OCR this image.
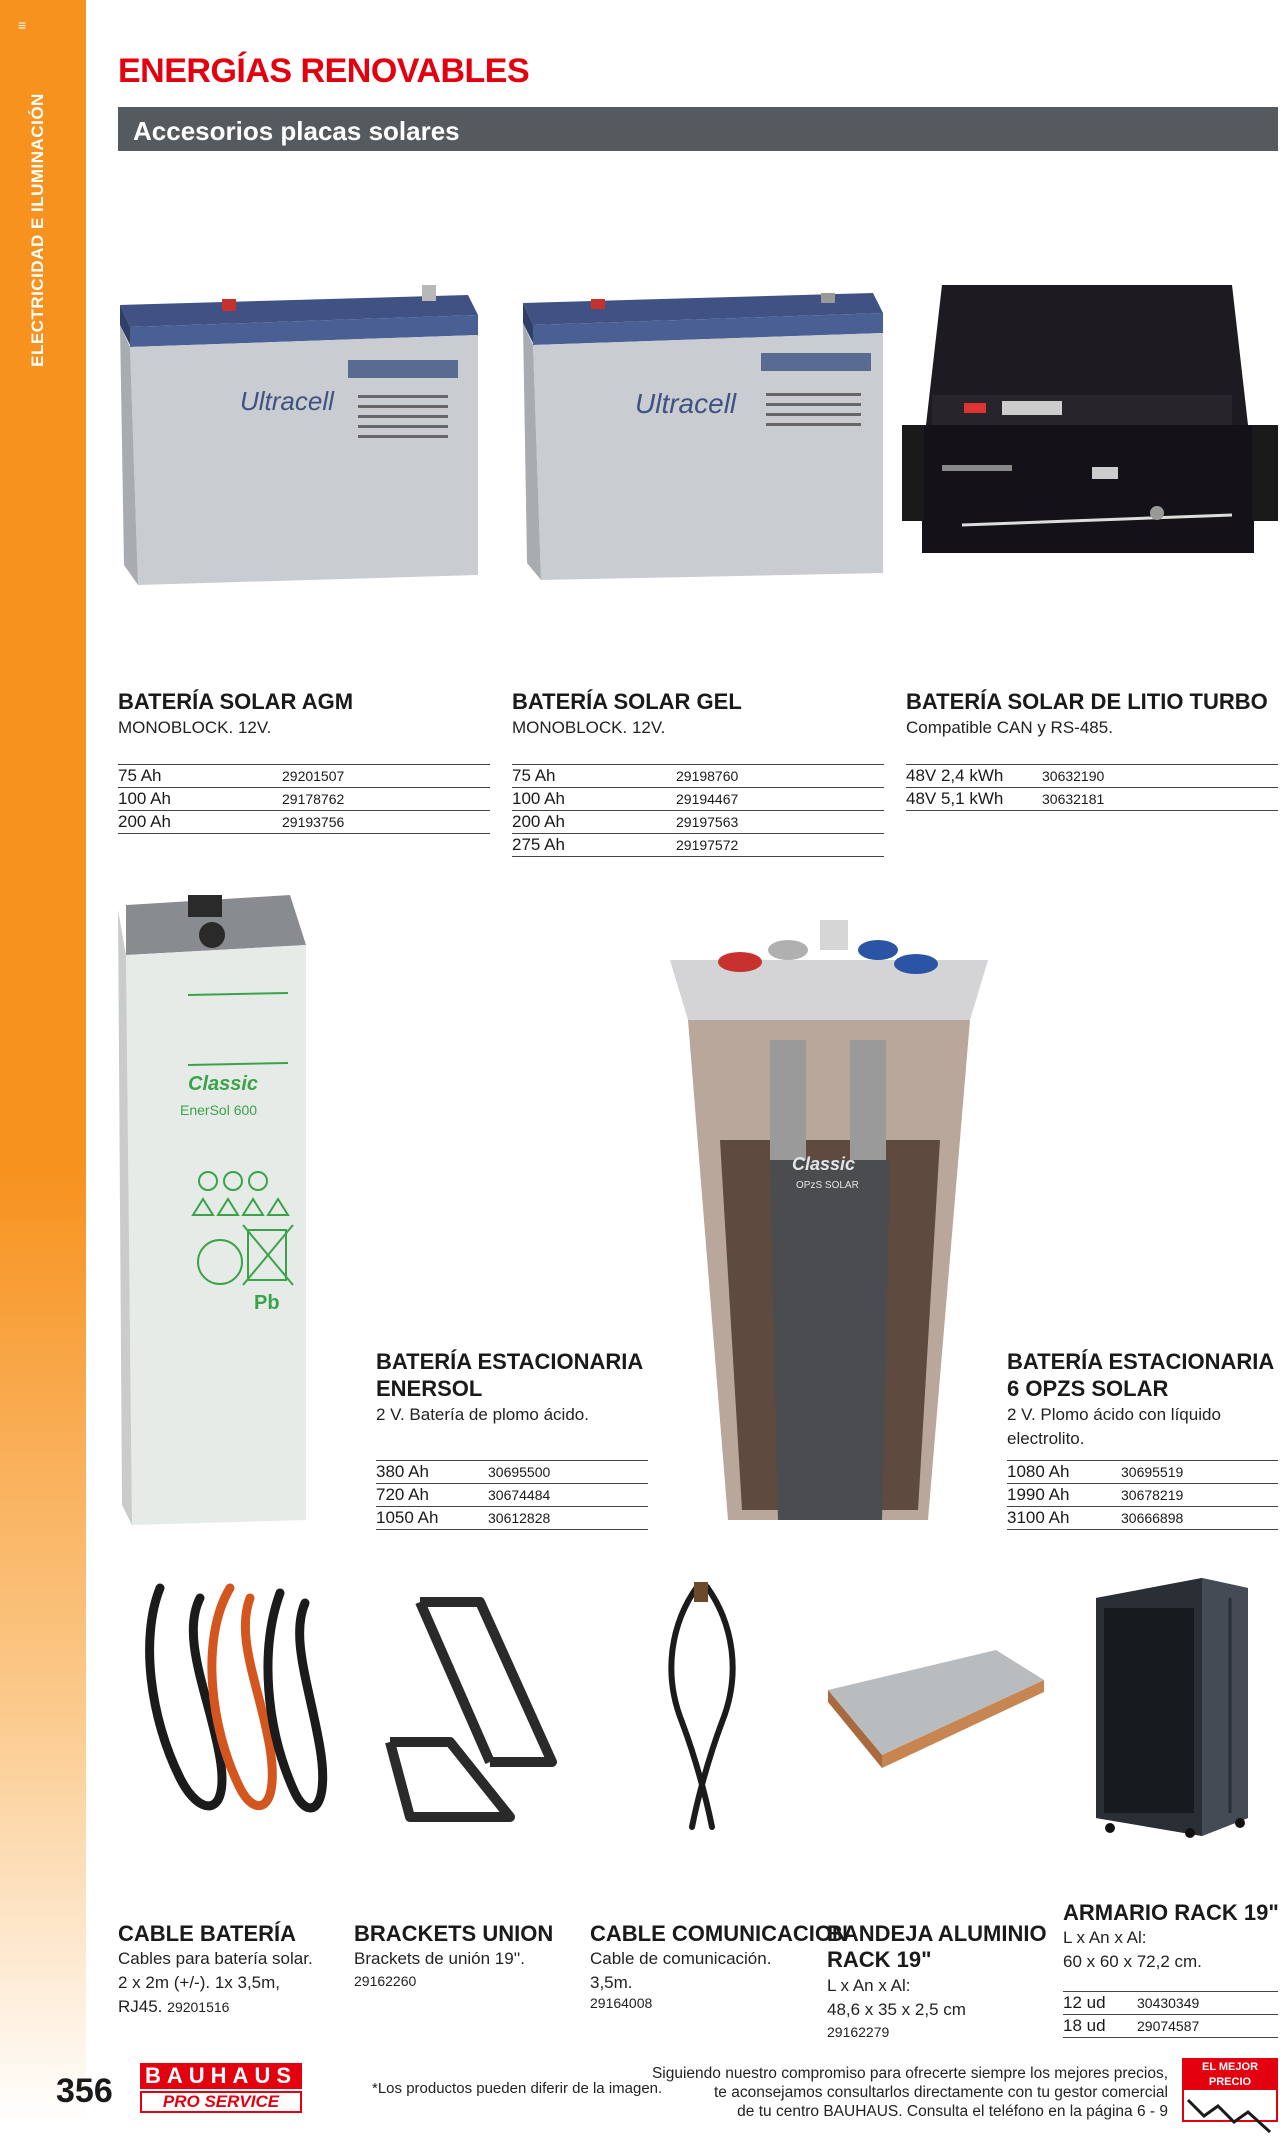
≡
ELECTRICIDAD E ILUMINACIÓN
ENERGÍAS RENOVABLES
Accesorios placas solares
Ultracell	Ultracell
BATERÍA SOLAR AGM
MONOBLOCK. 12V.
75 Ah	29201507
100 Ah	29178762
200 Ah	29193756
BATERÍA SOLAR GEL
MONOBLOCK. 12V.
75 Ah	29198760
100 Ah	29194467
200 Ah	29197563
275 Ah	29197572
BATERÍA SOLAR DE LITIO TURBO
Compatible CAN y RS-485.
48V 2,4 kWh	30632190
48V 5,1 kWh	30632181
Classic
EnerSol 600
Pb
Classic
OPzS SOLAR
BATERÍA ESTACIONARIA
ENERSOL
2 V. Batería de plomo ácido.
380 Ah	30695500
720 Ah	30674484
1050 Ah	30612828
BATERÍA ESTACIONARIA
6 OPZS SOLAR
2 V. Plomo ácido con líquido
electrolito.
1080 Ah	30695519
1990 Ah	30678219
3100 Ah	30666898
CABLE BATERÍA
Cables para batería solar.
2 x 2m (+/-). 1x 3,5m,
RJ45. 29201516
BRACKETS UNION
Brackets de unión 19''.
29162260
CABLE COMUNICACION
Cable de comunicación.
3,5m.
29164008
BANDEJA ALUMINIO
RACK 19"
L x An x Al:
48,6 x 35 x 2,5 cm
29162279
ARMARIO RACK 19"
L x An x Al:
60 x 60 x 72,2 cm.
12 ud 30430349
18 ud 29074587
356 BAUHAUS
PRO SERVICE
*Los productos pueden diferir de la imagen.
Siguiendo nuestro compromiso para ofrecerte siempre los mejores precios,
te aconsejamos consultarlos directamente con tu gestor comercial
de tu centro BAUHAUS. Consulta el teléfono en la página 6 - 9
EL MEJOR PRECIO
